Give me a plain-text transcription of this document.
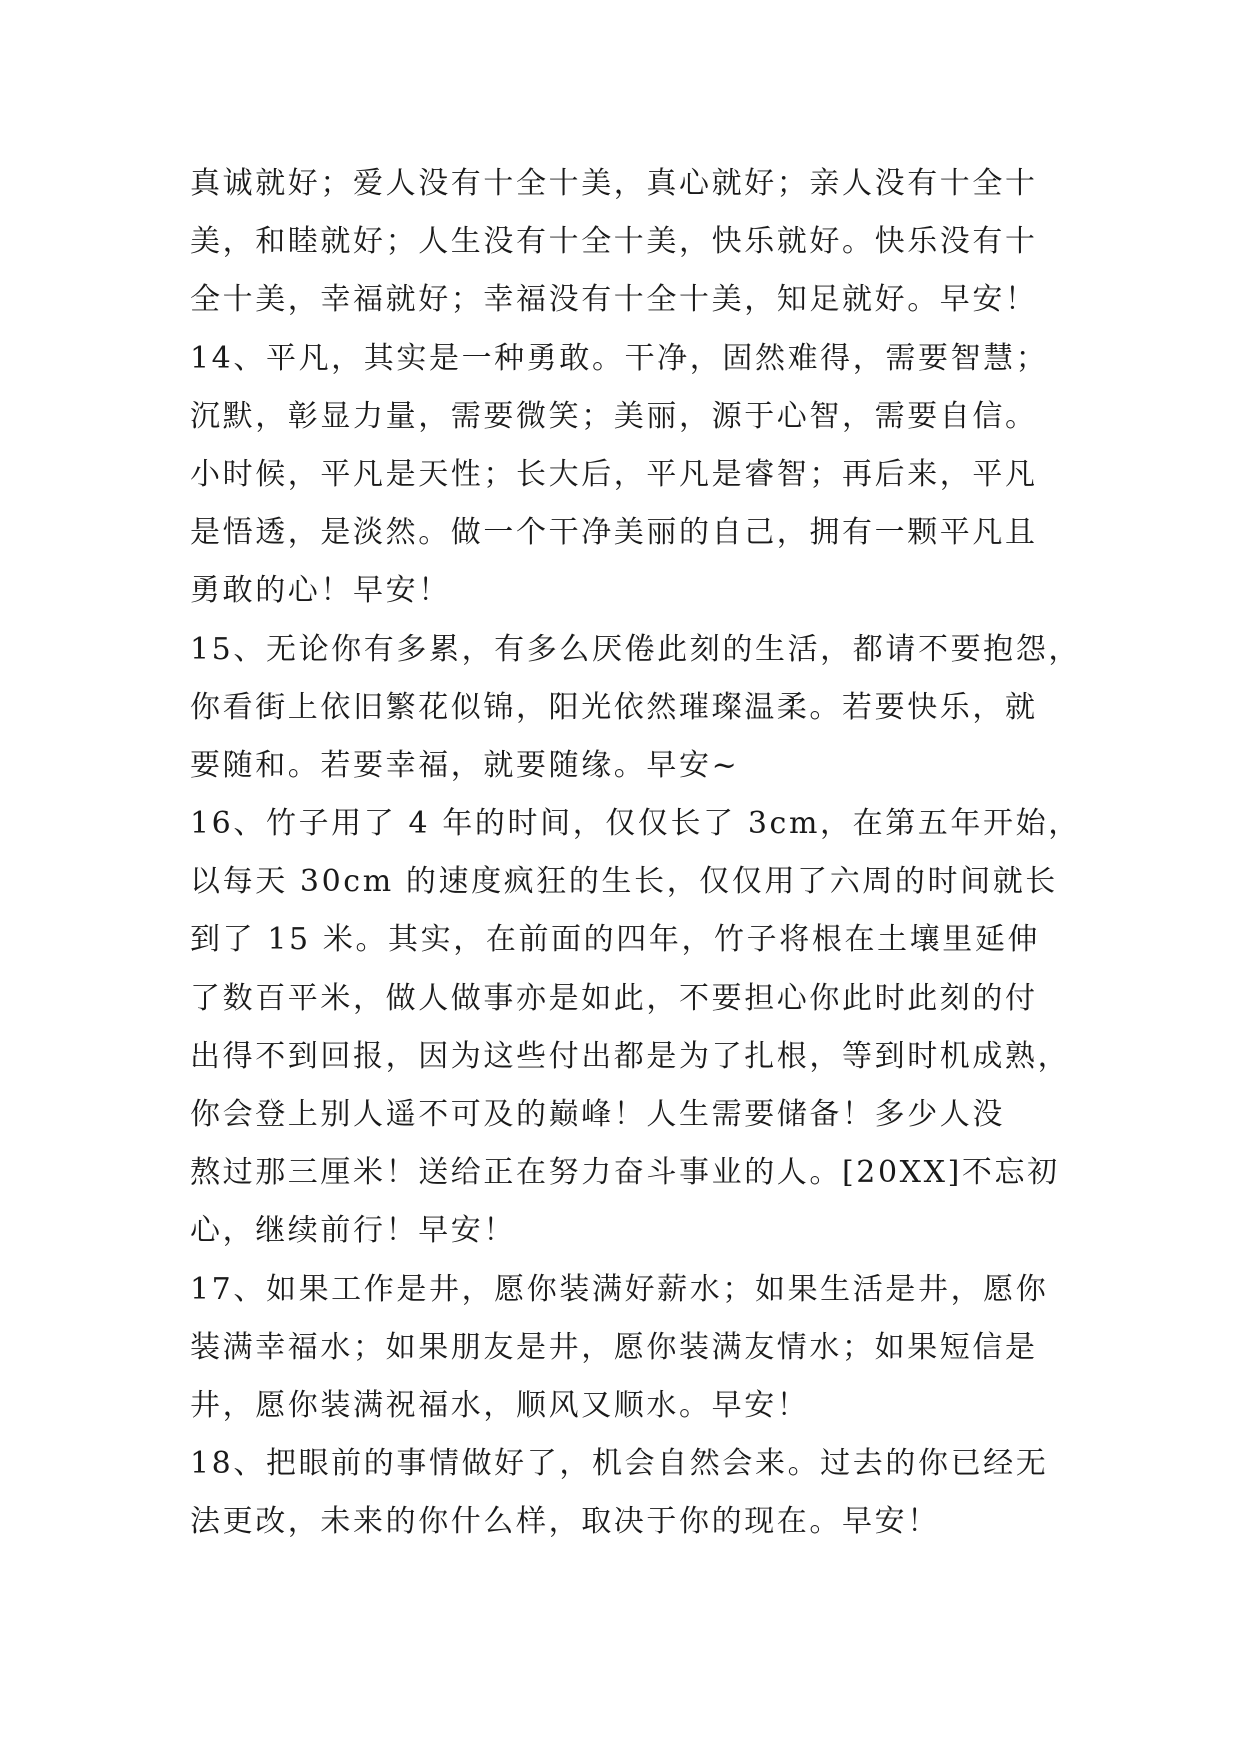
真诚就好；爱人没有十全十美，真心就好；亲人没有十全十
美，和睦就好；人生没有十全十美，快乐就好。快乐没有十
全十美，幸福就好；幸福没有十全十美，知足就好。早安！
14、平凡，其实是一种勇敢。干净，固然难得，需要智慧；
沉默，彰显力量，需要微笑；美丽，源于心智，需要自信。
小时候，平凡是天性；长大后，平凡是睿智；再后来，平凡
是悟透，是淡然。做一个干净美丽的自己，拥有一颗平凡且
勇敢的心！早安！
15、无论你有多累，有多么厌倦此刻的生活，都请不要抱怨，
你看街上依旧繁花似锦，阳光依然璀璨温柔。若要快乐，就
要随和。若要幸福，就要随缘。早安~
16、竹子用了 4 年的时间，仅仅长了 3cm，在第五年开始，
以每天 30cm 的速度疯狂的生长，仅仅用了六周的时间就长
到了 15 米。其实，在前面的四年，竹子将根在土壤里延伸
了数百平米，做人做事亦是如此，不要担心你此时此刻的付
出得不到回报，因为这些付出都是为了扎根，等到时机成熟，
你会登上别人遥不可及的巅峰！人生需要储备！多少人没
熬过那三厘米！送给正在努力奋斗事业的人。[20XX]不忘初
心，继续前行！早安！
17、如果工作是井，愿你装满好薪水；如果生活是井，愿你
装满幸福水；如果朋友是井，愿你装满友情水；如果短信是
井，愿你装满祝福水，顺风又顺水。早安！
18、把眼前的事情做好了，机会自然会来。过去的你已经无
法更改，未来的你什么样，取决于你的现在。早安！
